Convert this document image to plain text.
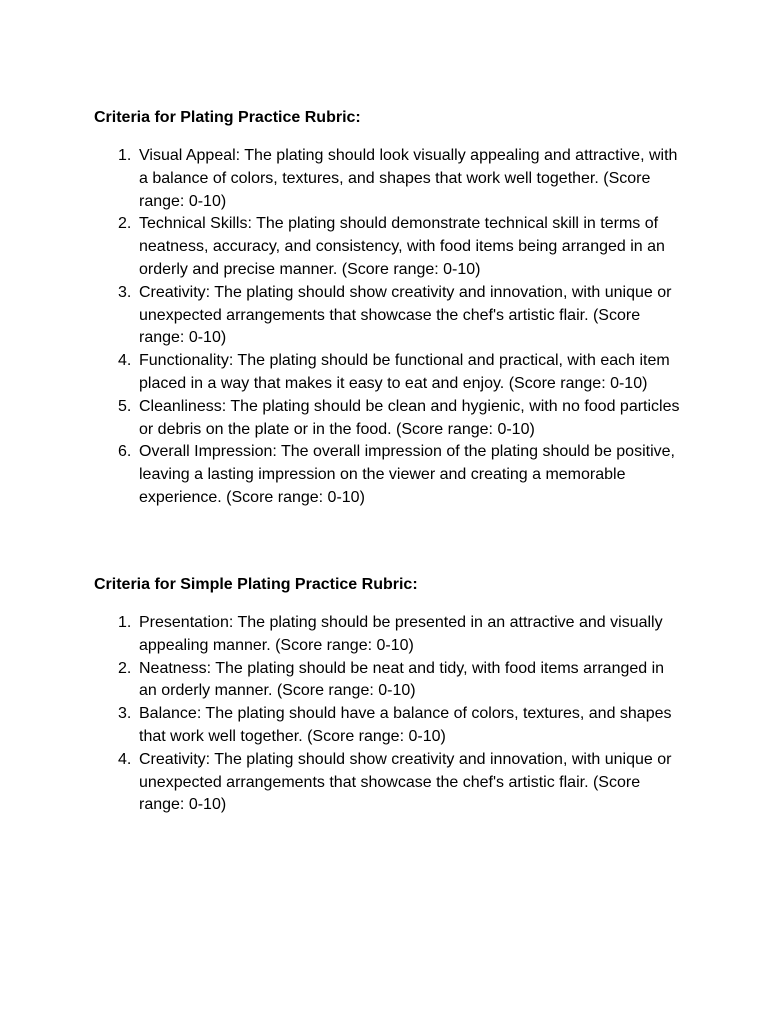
Criteria for Plating Practice Rubric:
1. Visual Appeal: The plating should look visually appealing and attractive, with a balance of colors, textures, and shapes that work well together. (Score range: 0-10)
2. Technical Skills: The plating should demonstrate technical skill in terms of neatness, accuracy, and consistency, with food items being arranged in an orderly and precise manner. (Score range: 0-10)
3. Creativity: The plating should show creativity and innovation, with unique or unexpected arrangements that showcase the chef's artistic flair. (Score range: 0-10)
4. Functionality: The plating should be functional and practical, with each item placed in a way that makes it easy to eat and enjoy. (Score range: 0-10)
5. Cleanliness: The plating should be clean and hygienic, with no food particles or debris on the plate or in the food. (Score range: 0-10)
6. Overall Impression: The overall impression of the plating should be positive, leaving a lasting impression on the viewer and creating a memorable experience. (Score range: 0-10)
Criteria for Simple Plating Practice Rubric:
1. Presentation: The plating should be presented in an attractive and visually appealing manner. (Score range: 0-10)
2. Neatness: The plating should be neat and tidy, with food items arranged in an orderly manner. (Score range: 0-10)
3. Balance: The plating should have a balance of colors, textures, and shapes that work well together. (Score range: 0-10)
4. Creativity: The plating should show creativity and innovation, with unique or unexpected arrangements that showcase the chef's artistic flair. (Score range: 0-10)
